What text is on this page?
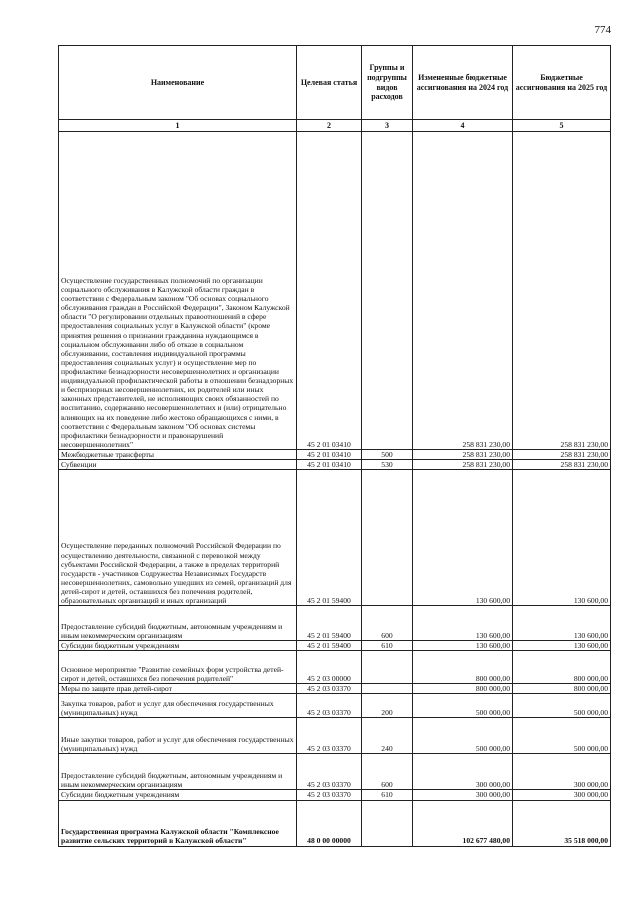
774
Наименование	Целевая статья	Группы и подгруппы видов расходов	Измененные бюджетные ассигнования на 2024 год	Бюджетные ассигнования на 2025 год
1	2	3	4	5

Осуществление государственных полномочий по организации социального обслуживания в Калужской области граждан в соответствии с Федеральным законом "Об основах социального обслуживания граждан в Российской Федерации", Законом Калужской области "О регулировании отдельных правоотношений в сфере предоставления социальных услуг в Калужской области" (кроме принятия решения о признании гражданина нуждающимся в социальном обслуживании либо об отказе в социальном обслуживании, составления индивидуальной программы предоставления социальных услуг) и осуществление мер по профилактике безнадзорности несовершеннолетних и организации индивидуальной профилактической работы в отношении безнадзорных и беспризорных несовершеннолетних, их родителей или иных законных представителей, не исполняющих своих обязанностей по воспитанию, содержанию несовершеннолетних и (или) отрицательно влияющих на их поведение либо жестоко обращающихся с ними, в соответствии с Федеральным законом "Об основах системы профилактики безнадзорности и правонарушений несовершеннолетних"	45 2 01 03410		258 831 230,00	258 831 230,00
Межбюджетные трансферты	45 2 01 03410	500	258 831 230,00	258 831 230,00
Субвенции	45 2 01 03410	530	258 831 230,00	258 831 230,00

Осуществление переданных полномочий Российской Федерации по осуществлению деятельности, связанной с перевозкой между субъектами Российской Федерации, а также в пределах территорий государств - участников Содружества Независимых Государств несовершеннолетних, самовольно ушедших из семей, организаций для детей-сирот и детей, оставшихся без попечения родителей, образовательных организаций и иных организаций	45 2 01 59400		130 600,00	130 600,00
Предоставление субсидий бюджетным, автономным учреждениям и иным некоммерческим организациям	45 2 01 59400	600	130 600,00	130 600,00
Субсидии бюджетным учреждениям	45 2 01 59400	610	130 600,00	130 600,00
Основное мероприятие "Развитие семейных форм устройства детей-сирот и детей, оставшихся без попечения родителей"	45 2 03 00000		800 000,00	800 000,00
Меры по защите прав детей-сирот	45 2 03 03370		800 000,00	800 000,00
Закупка товаров, работ и услуг для обеспечения государственных (муниципальных) нужд	45 2 03 03370	200	500 000,00	500 000,00
Иные закупки товаров, работ и услуг для обеспечения государственных (муниципальных) нужд	45 2 03 03370	240	500 000,00	500 000,00
Предоставление субсидий бюджетным, автономным учреждениям и иным некоммерческим организациям	45 2 03 03370	600	300 000,00	300 000,00
Субсидии бюджетным учреждениям	45 2 03 03370	610	300 000,00	300 000,00
Государственная программа Калужской области "Комплексное развитие сельских территорий в Калужской области"	48 0 00 00000		102 677 480,00	35 518 000,00
